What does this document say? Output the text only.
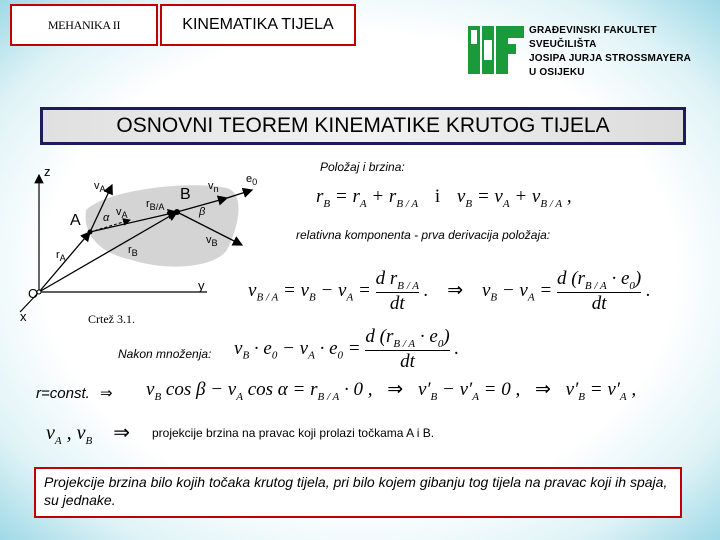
MEHANIKA II	KINEMATIKA TIJELA	GRAĐEVINSKI FAKULTET
SVEUČILIŠTA
JOSIPA JURJA STROSSMAYERA
U OSIJEKU
OSNOVNI TEOREM KINEMATIKE KRUTOG TIJELA
z
y
x
O
A
B
α	β
$v_A$
$v_A$
$v_n$
$v_B$
$e_0$
$r_{B/A}$
$r_A$
$r_B$
Crtež 3.1.
Položaj i brzina:
$r_B = r_A + r_{B / A}$ i $v_B = v_A + v_{B / A}$ ,
relativna komponenta - prva derivacija položaja:
$v_{B / A} = v_B - v_A = \frac{d r_{B / A}}{dt}$ . ⇒ $v_B - v_A = \frac{d (r_{B / A} \cdot e_0)}{dt}$ .
Nakon množenja: $v_B \cdot e_0 - v_A \cdot e_0 = \frac{d (r_{B / A} \cdot e_0)}{dt}$ .
r=const. ⇒ $v_B$ $\cos \beta - v_A$ $\cos \alpha = r_{B / A} \cdot 0$ , ⇒ $v'_B - v'_A = 0$ , ⇒ $v'_B = v'_A$ ,
$v_A$ , $v_B$ ⇒ projekcije brzina na pravac koji prolazi točkama A i B.
Projekcije brzina bilo kojih točaka krutog tijela, pri bilo kojem gibanju tog tijela na pravac koji ih spaja, su jednake.
